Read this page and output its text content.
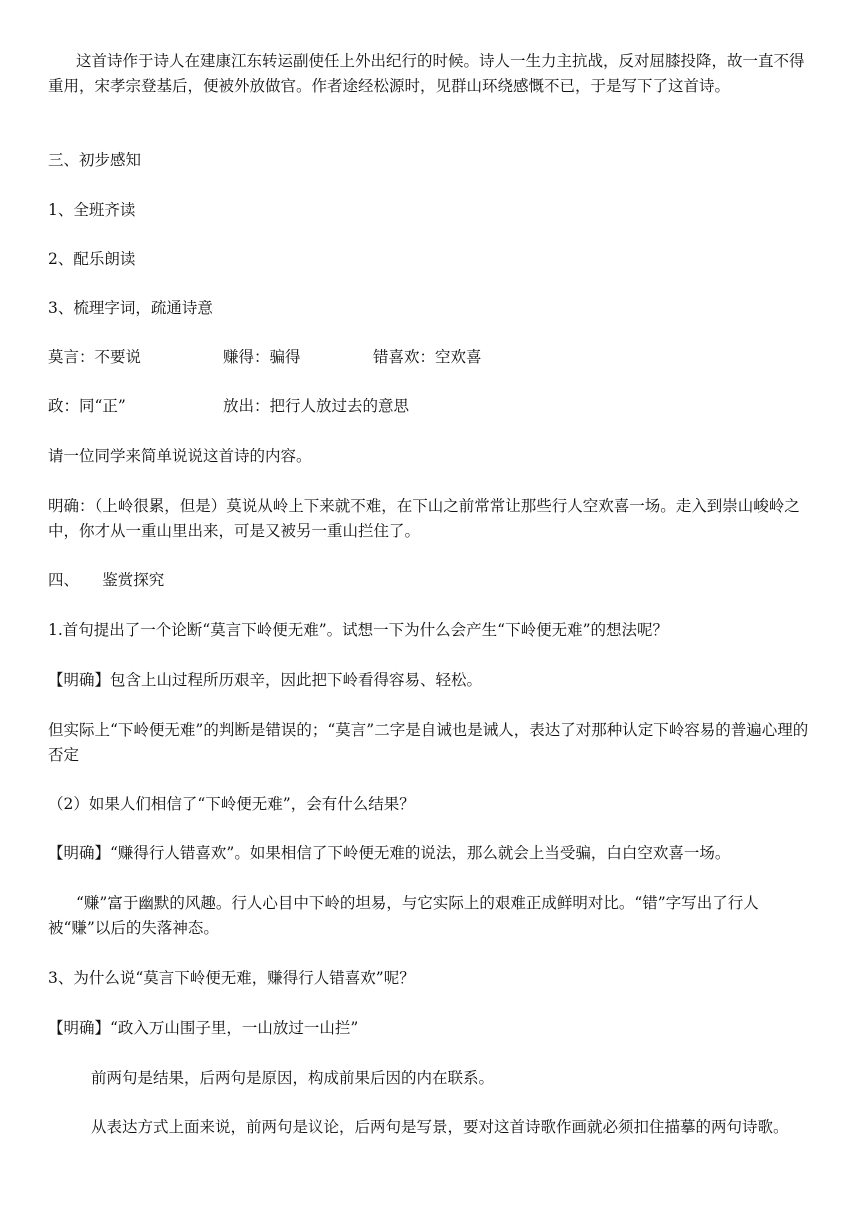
这首诗作于诗人在建康江东转运副使任上外出纪行的时候。诗人一生力主抗战，反对屈膝投降，故一直不得重用，宋孝宗登基后，便被外放做官。作者途经松源时，见群山环绕感慨不已，于是写下了这首诗。

三、初步感知

1、全班齐读

2、配乐朗读

3、梳理字词，疏通诗意

莫言：不要说	赚得：骗得	错喜欢：空欢喜
政：同“正”	放出：把行人放过去的意思

请一位同学来简单说说这首诗的内容。

明确：（上岭很累，但是）莫说从岭上下来就不难，在下山之前常常让那些行人空欢喜一场。走入到崇山峻岭之中，你才从一重山里出来，可是又被另一重山拦住了。

四、　　鉴赏探究

1.首句提出了一个论断“莫言下岭便无难”。试想一下为什么会产生“下岭便无难”的想法呢？

【明确】包含上山过程所历艰辛，因此把下岭看得容易、轻松。

但实际上“下岭便无难”的判断是错误的；“莫言”二字是自诫也是诫人，表达了对那种认定下岭容易的普遍心理的否定

（2）如果人们相信了“下岭便无难”，会有什么结果？

【明确】“赚得行人错喜欢”。如果相信了下岭便无难的说法，那么就会上当受骗，白白空欢喜一场。

“赚”富于幽默的风趣。行人心目中下岭的坦易，与它实际上的艰难正成鲜明对比。“错”字写出了行人被“赚”以后的失落神态。

3、为什么说“莫言下岭便无难，赚得行人错喜欢”呢？

【明确】“政入万山围子里，一山放过一山拦”

前两句是结果，后两句是原因，构成前果后因的内在联系。

从表达方式上面来说，前两句是议论，后两句是写景，要对这首诗歌作画就必须扣住描摹的两句诗歌。
